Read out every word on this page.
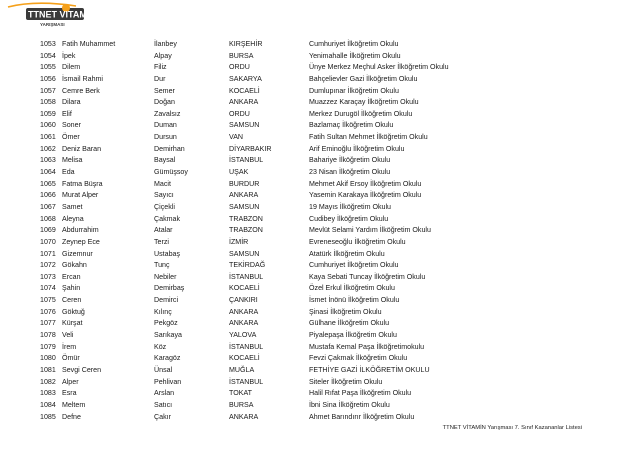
TTNET VITAMIN
YARIŞMASI
1053 Fatih Muhammet	İlanbey	KIRŞEHİR	Cumhuriyet İlköğretim Okulu
1054 İpek	Alpay	BURSA	Yenimahalle İlköğretim Okulu
1055 Dilem	Filiz	ORDU	Ünye Merkez Meçhul Asker İlköğretim Okulu
1056 İsmail Rahmi	Dur	SAKARYA	Bahçelievler Gazi İlköğretim Okulu
1057 Cemre Berk	Semer	KOCAELİ	Dumlupınar İlköğretim Okulu
1058 Dilara	Doğan	ANKARA	Muazzez Karaçay İlköğretim Okulu
1059 Elif	Zavalsız	ORDU	Merkez Durugöl İlköğretim Okulu
1060 Soner	Duman	SAMSUN	Bazlamaç İlköğretim Okulu
1061 Ömer	Dursun	VAN	Fatih Sultan Mehmet İlköğretim Okulu
1062 Deniz Baran	Demirhan	DİYARBAKIR	Arif Eminoğlu İlköğretim Okulu
1063 Melisa	Baysal	İSTANBUL	Bahariye İlköğretim Okulu
1064 Eda	Gümüşsoy	UŞAK	23 Nisan İlköğretim Okulu
1065 Fatma Büşra	Macit	BURDUR	Mehmet Akif Ersoy İlköğretim Okulu
1066 Murat Alper	Sayıcı	ANKARA	Yasemin Karakaya İlköğretim Okulu
1067 Samet	Çiçekli	SAMSUN	19 Mayıs İlköğretim Okulu
1068 Aleyna	Çakmak	TRABZON	Cudibey İlköğretim Okulu
1069 Abdurrahim	Atalar	TRABZON	Mevlüt Selami Yardım İlköğretim Okulu
1070 Zeynep Ece	Terzi	İZMİR	Evreneseoğlu İlköğretim Okulu
1071 Gizemnur	Ustabaş	SAMSUN	Atatürk İlköğretim Okulu
1072 Gökahn	Tunç	TEKİRDAĞ	Cumhuriyet İlköğretim Okulu
1073 Ercan	Nebiler	İSTANBUL	Kaya Sebati Tuncay İlköğretim Okulu
1074 Şahin	Demirbaş	KOCAELİ	Özel Erkul İlköğretim Okulu
1075 Ceren	Demirci	ÇANKIRI	İsmet İnönü İlköğretim Okulu
1076 Göktuğ	Kılınç	ANKARA	Şinasi İlköğretim Okulu
1077 Kürşat	Pekgöz	ANKARA	Gülhane İlköğretim Okulu
1078 Veli	Sarıkaya	YALOVA	Piyalepaşa İlköğretim Okulu
1079 İrem	Köz	İSTANBUL	Mustafa Kemal Paşa İlköğretimokulu
1080 Ömür	Karagöz	KOCAELİ	Fevzi Çakmak İlköğretim Okulu
1081 Sevgi Ceren	Ünsal	MUĞLA	FETHİYE GAZİ İLKÖĞRETİM OKULU
1082 Alper	Pehlivan	İSTANBUL	Siteler İlköğretim Okulu
1083 Esra	Arslan	TOKAT	Halil Rıfat Paşa İlköğretim Okulu
1084 Meltem	Satıcı	BURSA	İbni Sina İlköğretim Okulu
1085 Defne	Çakır	ANKARA	Ahmet Barındırır İlköğretim Okulu
TTNET VİTAMİN Yarışması 7. Sınıf Kazananlar Listesi
